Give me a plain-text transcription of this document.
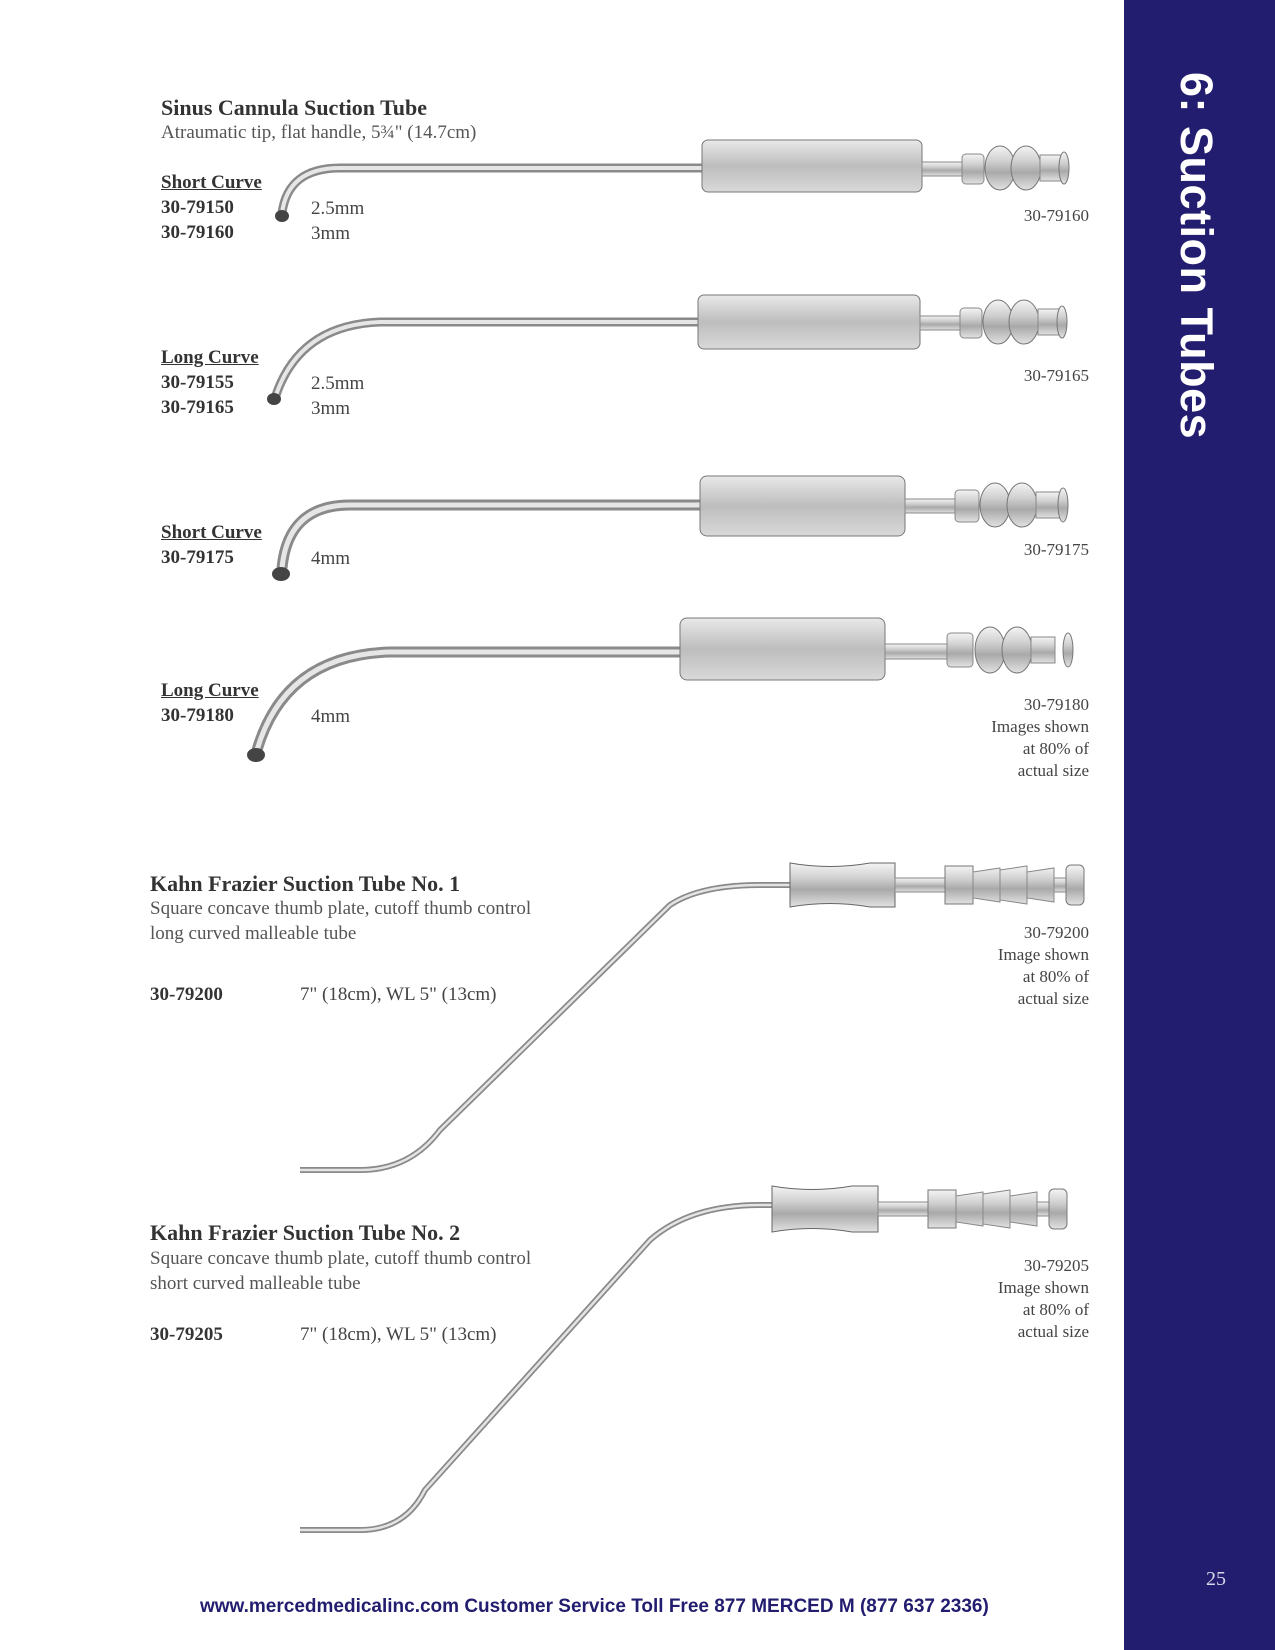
6: Suction Tubes
25
Sinus Cannula Suction Tube
Atraumatic tip, flat handle, 5¾" (14.7cm)
Short Curve
30-79150	2.5mm
30-79160	3mm
30-79160
Long Curve
30-79155	2.5mm
30-79165	3mm
30-79165
Short Curve
30-79175	4mm	30-79175
Long Curve
30-79180	4mm
30-79180
Images shown
at 80% of
actual size
Kahn Frazier Suction Tube No. 1
Square concave thumb plate, cutoff thumb control
long curved malleable tube
30-79200	7" (18cm), WL 5" (13cm)
30-79200
Image shown
at 80% of
actual size
Kahn Frazier Suction Tube No. 2
Square concave thumb plate, cutoff thumb control
short curved malleable tube
30-79205	7" (18cm), WL 5" (13cm)
30-79205
Image shown
at 80% of
actual size
www.mercedmedicalinc.com Customer Service Toll Free 877 MERCED M (877 637 2336)
